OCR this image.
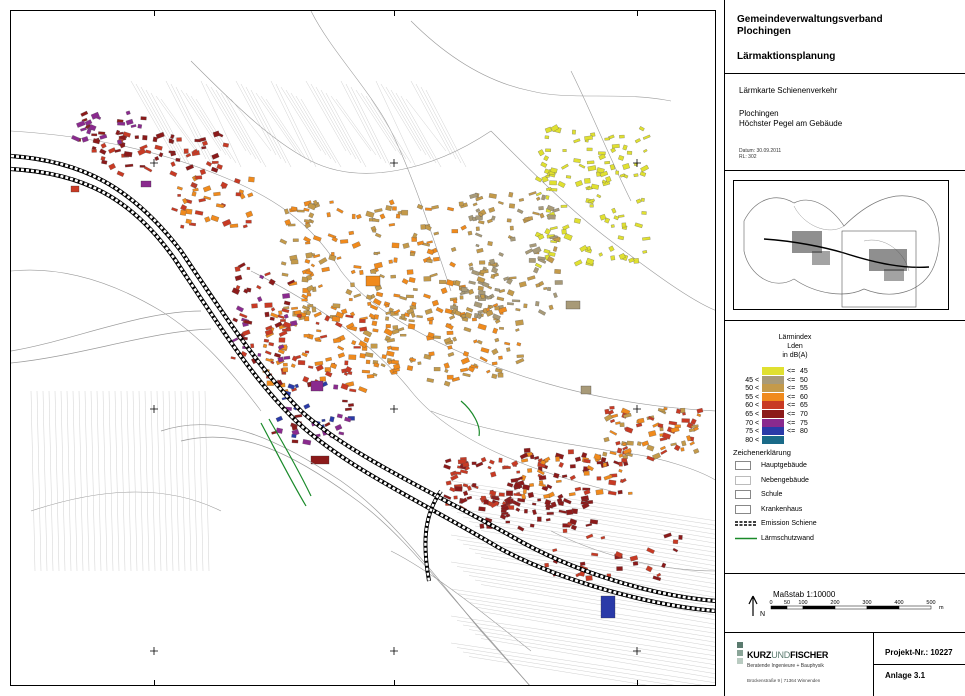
Gemeindeverwaltungsverband
Plochingen
Lärmaktionsplanung
Lärmkarte Schienenverkehr
Plochingen
Höchster Pegel am Gebäude
Datum: 30.09.2011
RL: 302
Lärmindex
Lden
in dB(A)
<= 45
45 <	<= 50
50 <	<= 55
55 <	<= 60
60 <	<= 65
65 <	<= 70
70 <	<= 75
75 <	<= 80
80 <
Zeichenerklärung
Hauptgebäude
Nebengebäude
Schule
Krankenhaus
Emission Schiene
Lärmschutzwand
Maßstab 1:10000
N
0 50 100	200	300	400	500
m
KURZUNDFISCHER
Beratende Ingenieure + Bauphysik
Brückenstraße 9 | 71364 Winnenden
Projekt-Nr.: 10227
Anlage 3.1
